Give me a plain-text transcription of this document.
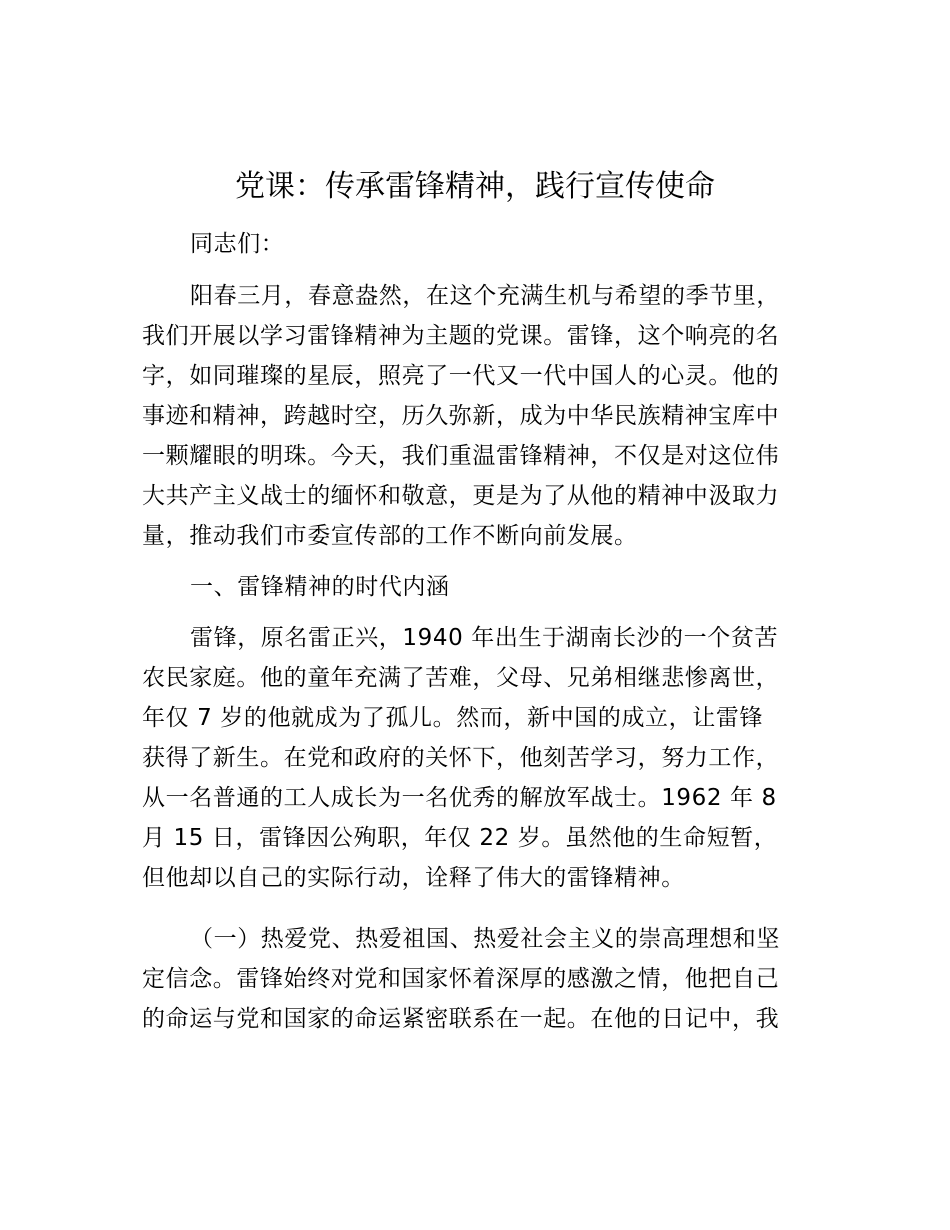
党课：传承雷锋精神，践行宣传使命

同志们：

阳春三月，春意盎然，在这个充满生机与希望的季节里，
我们开展以学习雷锋精神为主题的党课。雷锋，这个响亮的名
字，如同璀璨的星辰，照亮了一代又一代中国人的心灵。他的
事迹和精神，跨越时空，历久弥新，成为中华民族精神宝库中
一颗耀眼的明珠。今天，我们重温雷锋精神，不仅是对这位伟
大共产主义战士的缅怀和敬意，更是为了从他的精神中汲取力
量，推动我们市委宣传部的工作不断向前发展。

一、雷锋精神的时代内涵

雷锋，原名雷正兴，1940 年出生于湖南长沙的一个贫苦
农民家庭。他的童年充满了苦难，父母、兄弟相继悲惨离世，
年仅 7 岁的他就成为了孤儿。然而，新中国的成立，让雷锋
获得了新生。在党和政府的关怀下，他刻苦学习，努力工作，
从一名普通的工人成长为一名优秀的解放军战士。1962 年 8
月 15 日，雷锋因公殉职，年仅 22 岁。虽然他的生命短暂，
但他却以自己的实际行动，诠释了伟大的雷锋精神。

（一）热爱党、热爱祖国、热爱社会主义的崇高理想和坚
定信念。雷锋始终对党和国家怀着深厚的感激之情，他把自己
的命运与党和国家的命运紧密联系在一起。在他的日记中，我
